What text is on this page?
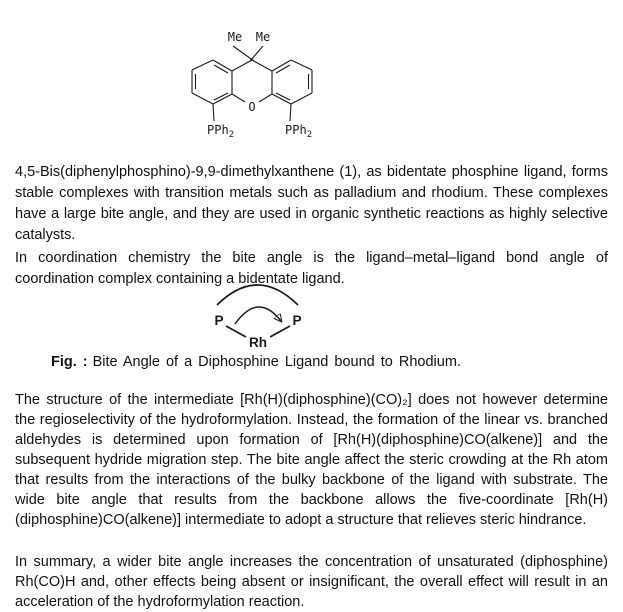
Me Me
O
PPh$_2$	PPh$_2$

4,5-Bis(diphenylphosphino)-9,9-dimethylxanthene (1), as bidentate phosphine ligand, forms stable complexes with transition metals such as palladium and rhodium. These complexes have a large bite angle, and they are used in organic synthetic reactions as highly selective catalysts.

In coordination chemistry the bite angle is the ligand–metal–ligand bond angle of coordination complex containing a bidentate ligand.

P	P
Rh
Fig. : Bite Angle of a Diphosphine Ligand bound to Rhodium.

The structure of the intermediate [Rh(H)(diphosphine)(CO)₂] does not however determine the regioselectivity of the hydroformylation. Instead, the formation of the linear vs. branched aldehydes is determined upon formation of [Rh(H)(diphosphine)CO(alkene)] and the subsequent hydride migration step. The bite angle affect the steric crowding at the Rh atom that results from the interactions of the bulky backbone of the ligand with substrate. The wide bite angle that results from the backbone allows the five-coordinate [Rh(H)(diphosphine)CO(alkene)] intermediate to adopt a structure that relieves steric hindrance.

In summary, a wider bite angle increases the concentration of unsaturated (diphosphine) Rh(CO)H and, other effects being absent or insignificant, the overall effect will result in an acceleration of the hydroformylation reaction.
